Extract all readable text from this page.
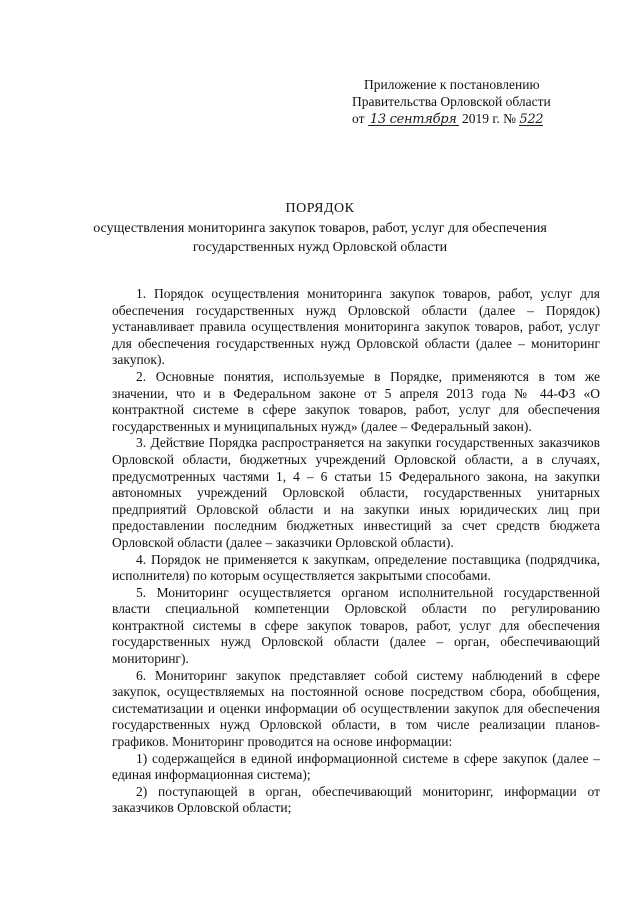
Приложение к постановлению
Правительства Орловской области
от 13 сентября 2019 г. № 522
ПОРЯДОК
осуществления мониторинга закупок товаров, работ, услуг для обеспечения
государственных нужд Орловской области

1. Порядок осуществления мониторинга закупок товаров, работ, услуг для обеспечения государственных нужд Орловской области (далее – Порядок) устанавливает правила осуществления мониторинга закупок товаров, работ, услуг для обеспечения государственных нужд Орловской области (далее – мониторинг закупок).

2. Основные понятия, используемые в Порядке, применяются в том же значении, что и в Федеральном законе от 5 апреля 2013 года № 44-ФЗ «О контрактной системе в сфере закупок товаров, работ, услуг для обеспечения государственных и муниципальных нужд» (далее – Федеральный закон).

3. Действие Порядка распространяется на закупки государственных заказчиков Орловской области, бюджетных учреждений Орловской области, а в случаях, предусмотренных частями 1, 4 – 6 статьи 15 Федерального закона, на закупки автономных учреждений Орловской области, государственных унитарных предприятий Орловской области и на закупки иных юридических лиц при предоставлении последним бюджетных инвестиций за счет средств бюджета Орловской области (далее – заказчики Орловской области).

4. Порядок не применяется к закупкам, определение поставщика (подрядчика, исполнителя) по которым осуществляется закрытыми способами.

5. Мониторинг осуществляется органом исполнительной государственной власти специальной компетенции Орловской области по регулированию контрактной системы в сфере закупок товаров, работ, услуг для обеспечения государственных нужд Орловской области (далее – орган, обеспечивающий мониторинг).

6. Мониторинг закупок представляет собой систему наблюдений в сфере закупок, осуществляемых на постоянной основе посредством сбора, обобщения, систематизации и оценки информации об осуществлении закупок для обеспечения государственных нужд Орловской области, в том числе реализации планов-графиков. Мониторинг проводится на основе информации:

1) содержащейся в единой информационной системе в сфере закупок (далее – единая информационная система);

2) поступающей в орган, обеспечивающий мониторинг, информации от заказчиков Орловской области;
